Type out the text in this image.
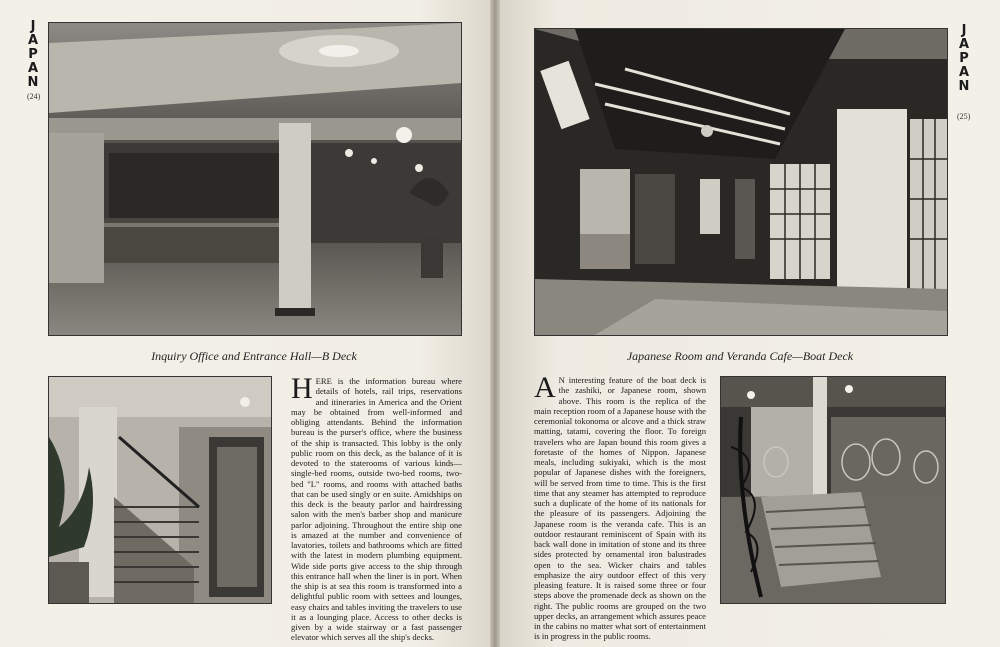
J
A
P
A
N
(24)
Inquiry Office and Entrance Hall—B Deck
HERE is the information bureau where details of hotels, rail trips, reservations and itineraries in America and the Orient may be obtained from well-informed and obliging attendants. Behind the information bureau is the purser's office, where the business of the ship is transacted. This lobby is the only public room on this deck, as the balance of it is devoted to the staterooms of various kinds—single-bed rooms, outside two-bed rooms, two-bed "L" rooms, and rooms with attached baths that can be used singly or en suite. Amidships on this deck is the beauty parlor and hairdressing salon with the men's barber shop and manicure parlor adjoining. Throughout the entire ship one is amazed at the number and convenience of lavatories, toilets and bathrooms which are fitted with the latest in modern plumbing equipment. Wide side ports give access to the ship through this entrance hall when the liner is in port. When the ship is at sea this room is transformed into a delightful public room with settees and lounges, easy chairs and tables inviting the travelers to use it as a lounging place. Access to other decks is given by a wide stairway or a fast passenger elevator which serves all the ship's decks.
J
A
P
A
N
(25)
Japanese Room and Veranda Cafe—Boat Deck
A N interesting feature of the boat deck is the zashiki, or Japanese room, shown above. This room is the replica of the main reception room of a Japanese house with the ceremonial tokonoma or alcove and a thick straw matting, tatami, covering the floor. To foreign travelers who are Japan bound this room gives a foretaste of the homes of Nippon. Japanese meals, including sukiyaki, which is the most popular of Japanese dishes with the foreigners, will be served from time to time. This is the first time that any steamer has attempted to reproduce such a duplicate of the home of its nationals for the pleasure of its passengers. Adjoining the Japanese room is the veranda cafe. This is an outdoor restaurant reminiscent of Spain with its back wall done in imitation of stone and its three sides protected by ornamental iron balustrades open to the sea. Wicker chairs and tables emphasize the airy outdoor effect of this very pleasing feature. It is raised some three or four steps above the promenade deck as shown on the right. The public rooms are grouped on the two upper decks, an arrangement which assures peace in the cabins no matter what sort of entertainment is in progress in the public rooms.
